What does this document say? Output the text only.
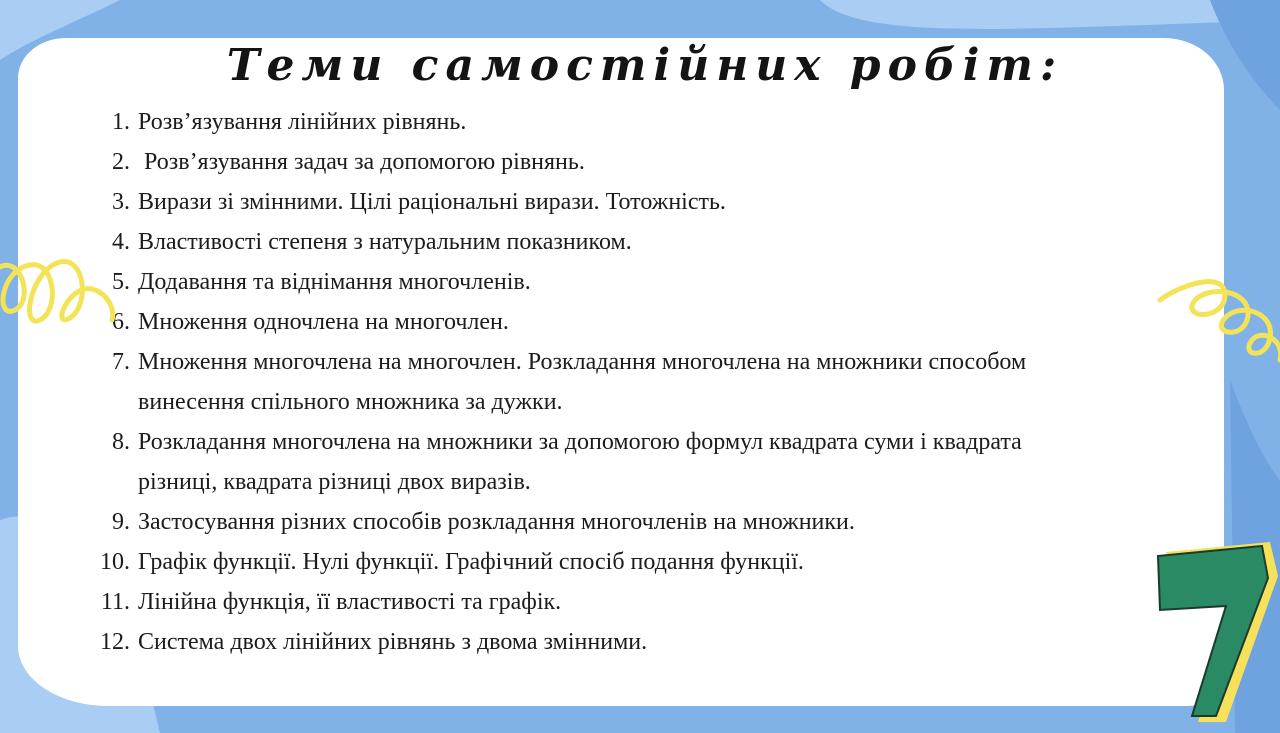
Теми самостійних робіт:
1. Розв’язування лінійних рівнянь.
2. Розв’язування задач за допомогою рівнянь.
3. Вирази зі змінними. Цілі раціональні вирази. Тотожність.
4. Властивості степеня з натуральним показником.
5. Додавання та віднімання многочленів.
6. Множення одночлена на многочлен.
7. Множення многочлена на многочлен. Розкладання многочлена на множники способом
винесення спільного множника за дужки.
8. Розкладання многочлена на множники за допомогою формул квадрата суми і квадрата
різниці, квадрата різниці двох виразів.
9. Застосування різних способів розкладання многочленів на множники.
10. Графік функції. Нулі функції. Графічний спосіб подання функції.
11. Лінійна функція, її властивості та графік.
12. Система двох лінійних рівнянь з двома змінними.
